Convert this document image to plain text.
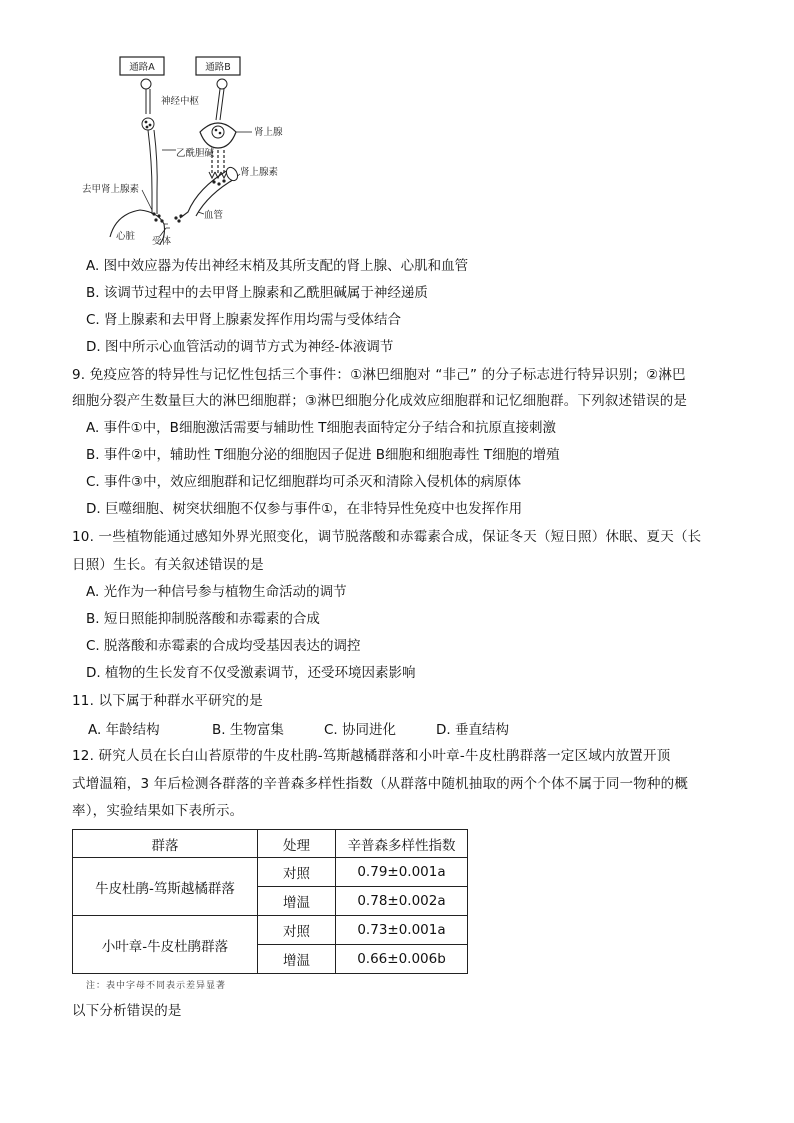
通路A	通路B
神经中枢
肾上腺
乙酰胆碱
肾上腺素
血管
去甲肾上腺素
心脏 受体
A. 图中效应器为传出神经末梢及其所支配的肾上腺、心肌和血管
B. 该调节过程中的去甲肾上腺素和乙酰胆碱属于神经递质
C. 肾上腺素和去甲肾上腺素发挥作用均需与受体结合
D. 图中所示心血管活动的调节方式为神经-体液调节
9. 免疫应答的特异性与记忆性包括三个事件：①淋巴细胞对 “非己” 的分子标志进行特异识别；②淋巴
细胞分裂产生数量巨大的淋巴细胞群；③淋巴细胞分化成效应细胞群和记忆细胞群。下列叙述错误的是
A. 事件①中，B细胞激活需要与辅助性 T细胞表面特定分子结合和抗原直接刺激
B. 事件②中，辅助性 T细胞分泌的细胞因子促进 B细胞和细胞毒性 T细胞的增殖
C. 事件③中，效应细胞群和记忆细胞群均可杀灭和清除入侵机体的病原体
D. 巨噬细胞、树突状细胞不仅参与事件①，在非特异性免疫中也发挥作用
10. 一些植物能通过感知外界光照变化，调节脱落酸和赤霉素合成，保证冬天（短日照）休眠、夏天（长
日照）生长。有关叙述错误的是
A. 光作为一种信号参与植物生命活动的调节
B. 短日照能抑制脱落酸和赤霉素的合成
C. 脱落酸和赤霉素的合成均受基因表达的调控
D. 植物的生长发育不仅受激素调节，还受环境因素影响
11. 以下属于种群水平研究的是
A. 年龄结构	B. 生物富集	C. 协同进化	D. 垂直结构
12. 研究人员在长白山苔原带的牛皮杜鹃-笃斯越橘群落和小叶章-牛皮杜鹃群落一定区域内放置开顶
式增温箱，3 年后检测各群落的辛普森多样性指数（从群落中随机抽取的两个个体不属于同一物种的概
率），实验结果如下表所示。
群落	处理	辛普森多样性指数
牛皮杜鹃-笃斯越橘群落	对照	0.79±0.001a
	增温	0.78±0.002a
小叶章-牛皮杜鹃群落	对照	0.73±0.001a
	增温	0.66±0.006b
注：表中字母不同表示差异显著
以下分析错误的是
